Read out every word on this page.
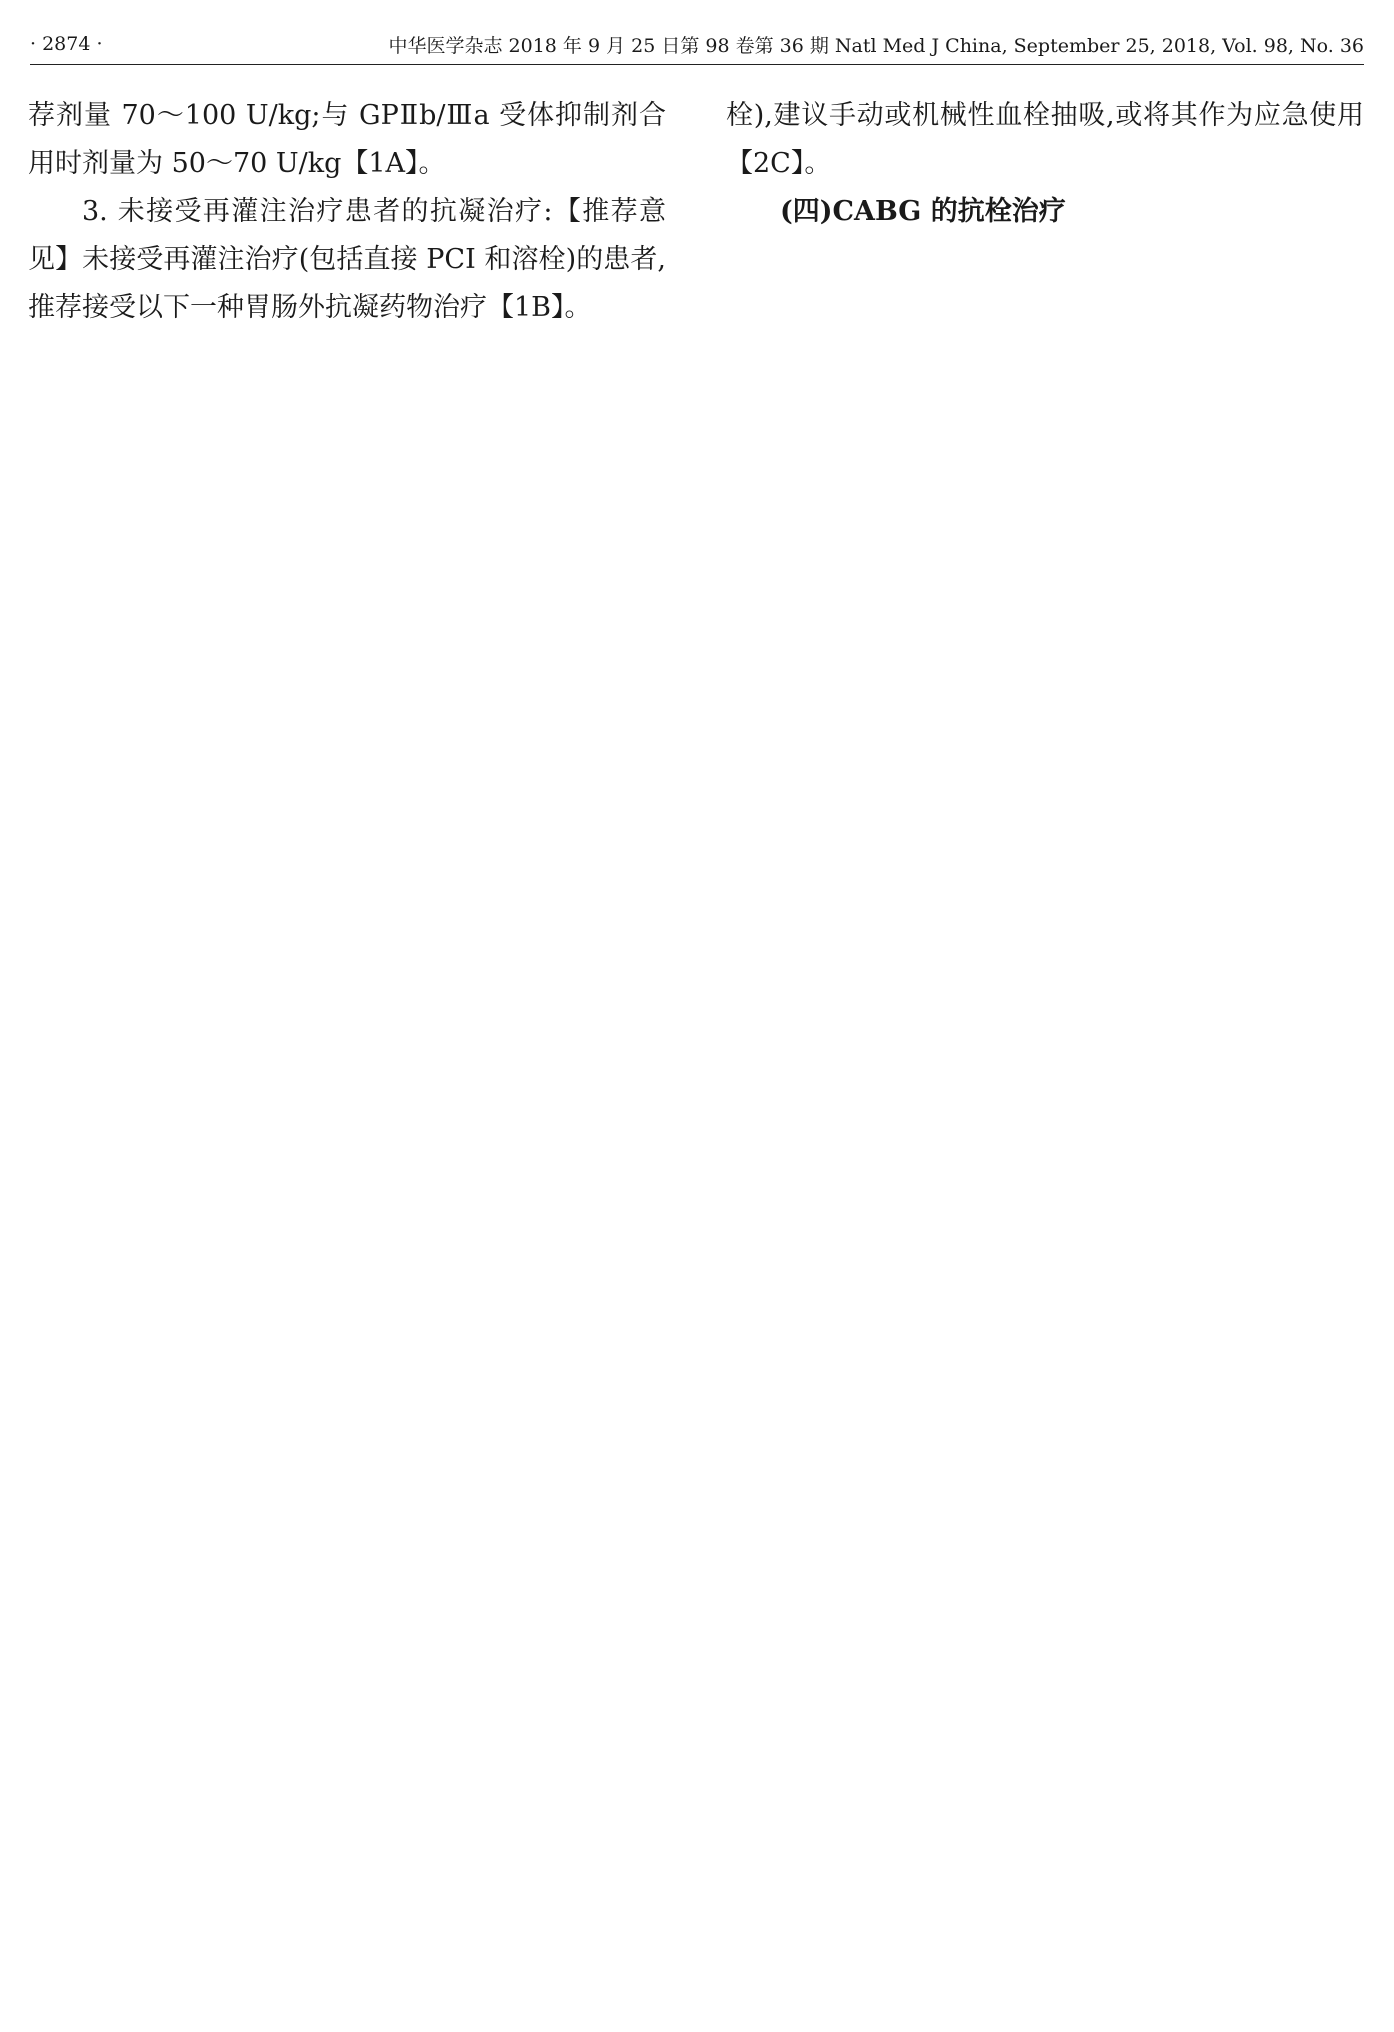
· 2874 ·	中华医学杂志 2018 年 9 月 25 日第 98 卷第 36 期 Natl Med J China, September 25, 2018, Vol. 98, No. 36

荐剂量 70～100 U/kg;与 GPⅡb/Ⅲa 受体抑制剂合用时剂量为 50～70 U/kg【1A】。

3. 未接受再灌注治疗患者的抗凝治疗:【推荐意见】未接受再灌注治疗(包括直接 PCI 和溶栓)的患者,推荐接受以下一种胃肠外抗凝药物治疗【1B】。

栓),建议手动或机械性血栓抽吸,或将其作为应急使用【2C】。

(四)CABG 的抗栓治疗
